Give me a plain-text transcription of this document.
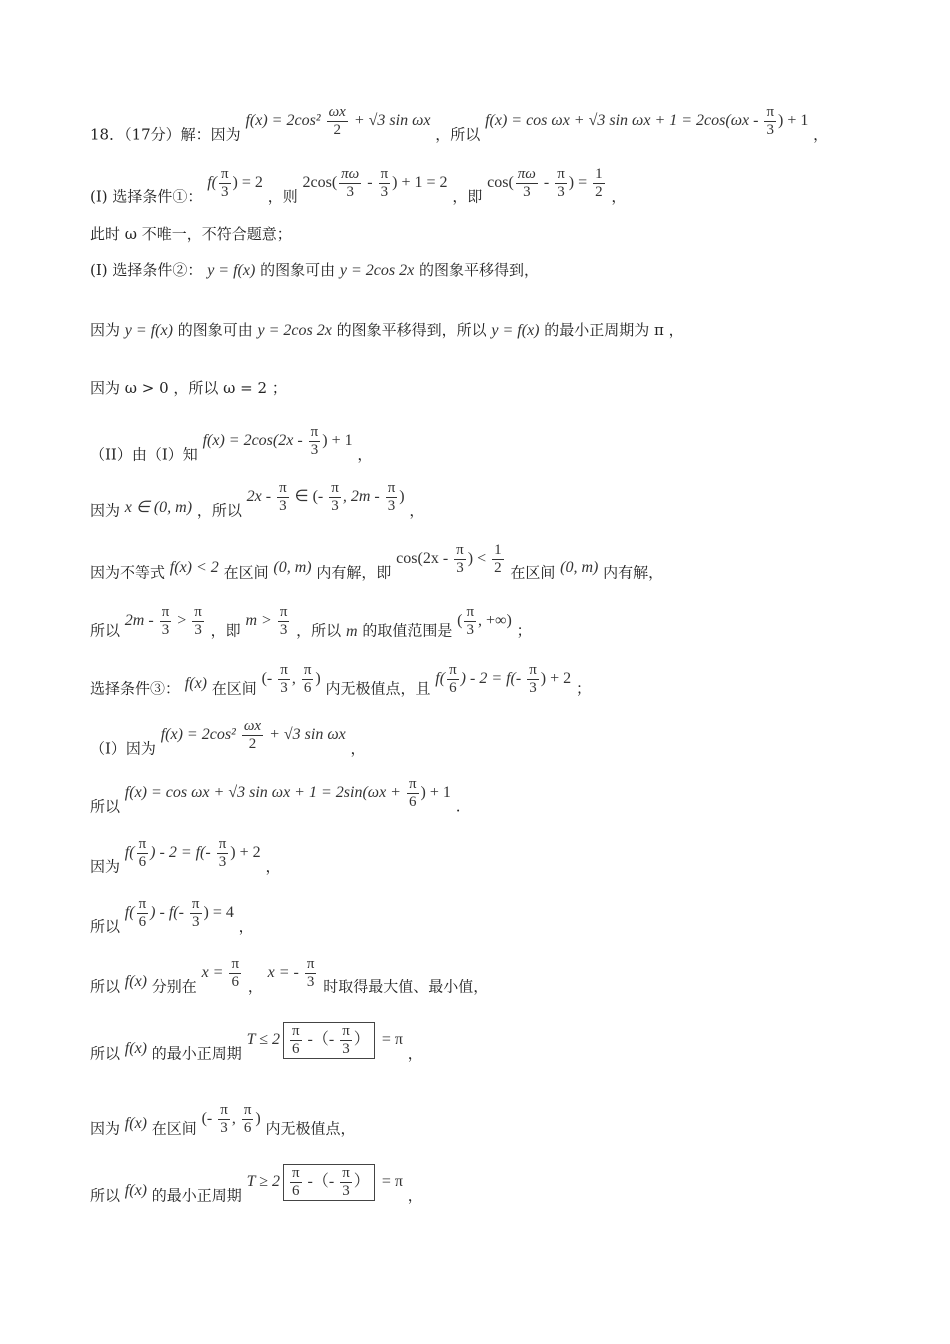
18．（17分）解：因为 $f(x) = 2\cos^2 \frac{\omega x}{2} + √3$ sin ωx ，所以 f(x) = cos ωx + √3 $\sin \omega x + 1 = 2\cos(\omega x - \frac{\pi}{3}$ ) + 1 ，
(I) 选择条件①： $f( \frac{\pi}{3}$ ) = 2 ，则 $2\cos( \frac{\pi\omega}{3} - \frac{\pi}{3}$ ) + 1 = 2 ，即 $\cos( \frac{\pi\omega}{3} - \frac{\pi}{3}$ ) = $\frac{1}{2}$ ，
此时 ω 不唯一，不符合题意；
(I) 选择条件②： y = f(x) 的图象可由 y = 2cos 2x 的图象平移得到，
因为 y = f(x) 的图象可由 y = 2cos 2x 的图象平移得到，所以 y = f(x) 的最小正周期为 π ，
因为 ω > 0 ，所以 ω = 2 ；
（II）由（I）知 $f(x) = 2\cos(2x - \frac{\pi}{3}$ ) + 1 ，
因为 x ∈ (0, m) ，所以 $2x - \frac{\pi}{3}$ ∈ (- $\frac{\pi}{3}$ , $2m - \frac{\pi}{3}$ ) ，
因为不等式 f(x) < 2 在区间 (0, m) 内有解，即 $\cos(2x - \frac{\pi}{3}$ ) < $\frac{1}{2}$ 在区间 (0, m) 内有解，
所以 $2m - \frac{\pi}{3} > \frac{\pi}{3}$ ，即 $m > \frac{\pi}{3}$ ，所以 m 的取值范围是 ( $\frac{\pi}{3}$ , +∞) ；
选择条件③： f(x) 在区间 (- $\frac{\pi}{3}$ , $\frac{\pi}{6}$ ) 内无极值点，且 $f( \frac{\pi}{6}$ ) - $2 = f(- \frac{\pi}{3}$ ) + 2 ；
（I）因为 $f(x) = 2\cos^2 \frac{\omega x}{2} + √3$ sin ωx ，
所以 f(x) = cos ωx + √3 $\sin \omega x + 1 = 2\sin(\omega x + \frac{\pi}{6}$ ) + 1 .
因为 $f( \frac{\pi}{6}$ ) - $2 = f(- \frac{\pi}{3}$ ) + 2 ，
所以 $f( \frac{\pi}{6}$ ) - $f(- \frac{\pi}{3}$ ) = 4 ，
所以 f(x) 分别在 $x = \frac{\pi}{6}$ ， x = - $\frac{\pi}{3}$ 时取得最大值、最小值，
所以 f(x) 的最小正周期 $T \le 2 \frac{\pi}{6}$ -（- $\frac{\pi}{3}$ ） = π ，
因为 f(x) 在区间 (- $\frac{\pi}{3}$ , $\frac{\pi}{6}$ ) 内无极值点，
所以 f(x) 的最小正周期 $T \ge 2 \frac{\pi}{6}$ -（- $\frac{\pi}{3}$ ） = π ，
